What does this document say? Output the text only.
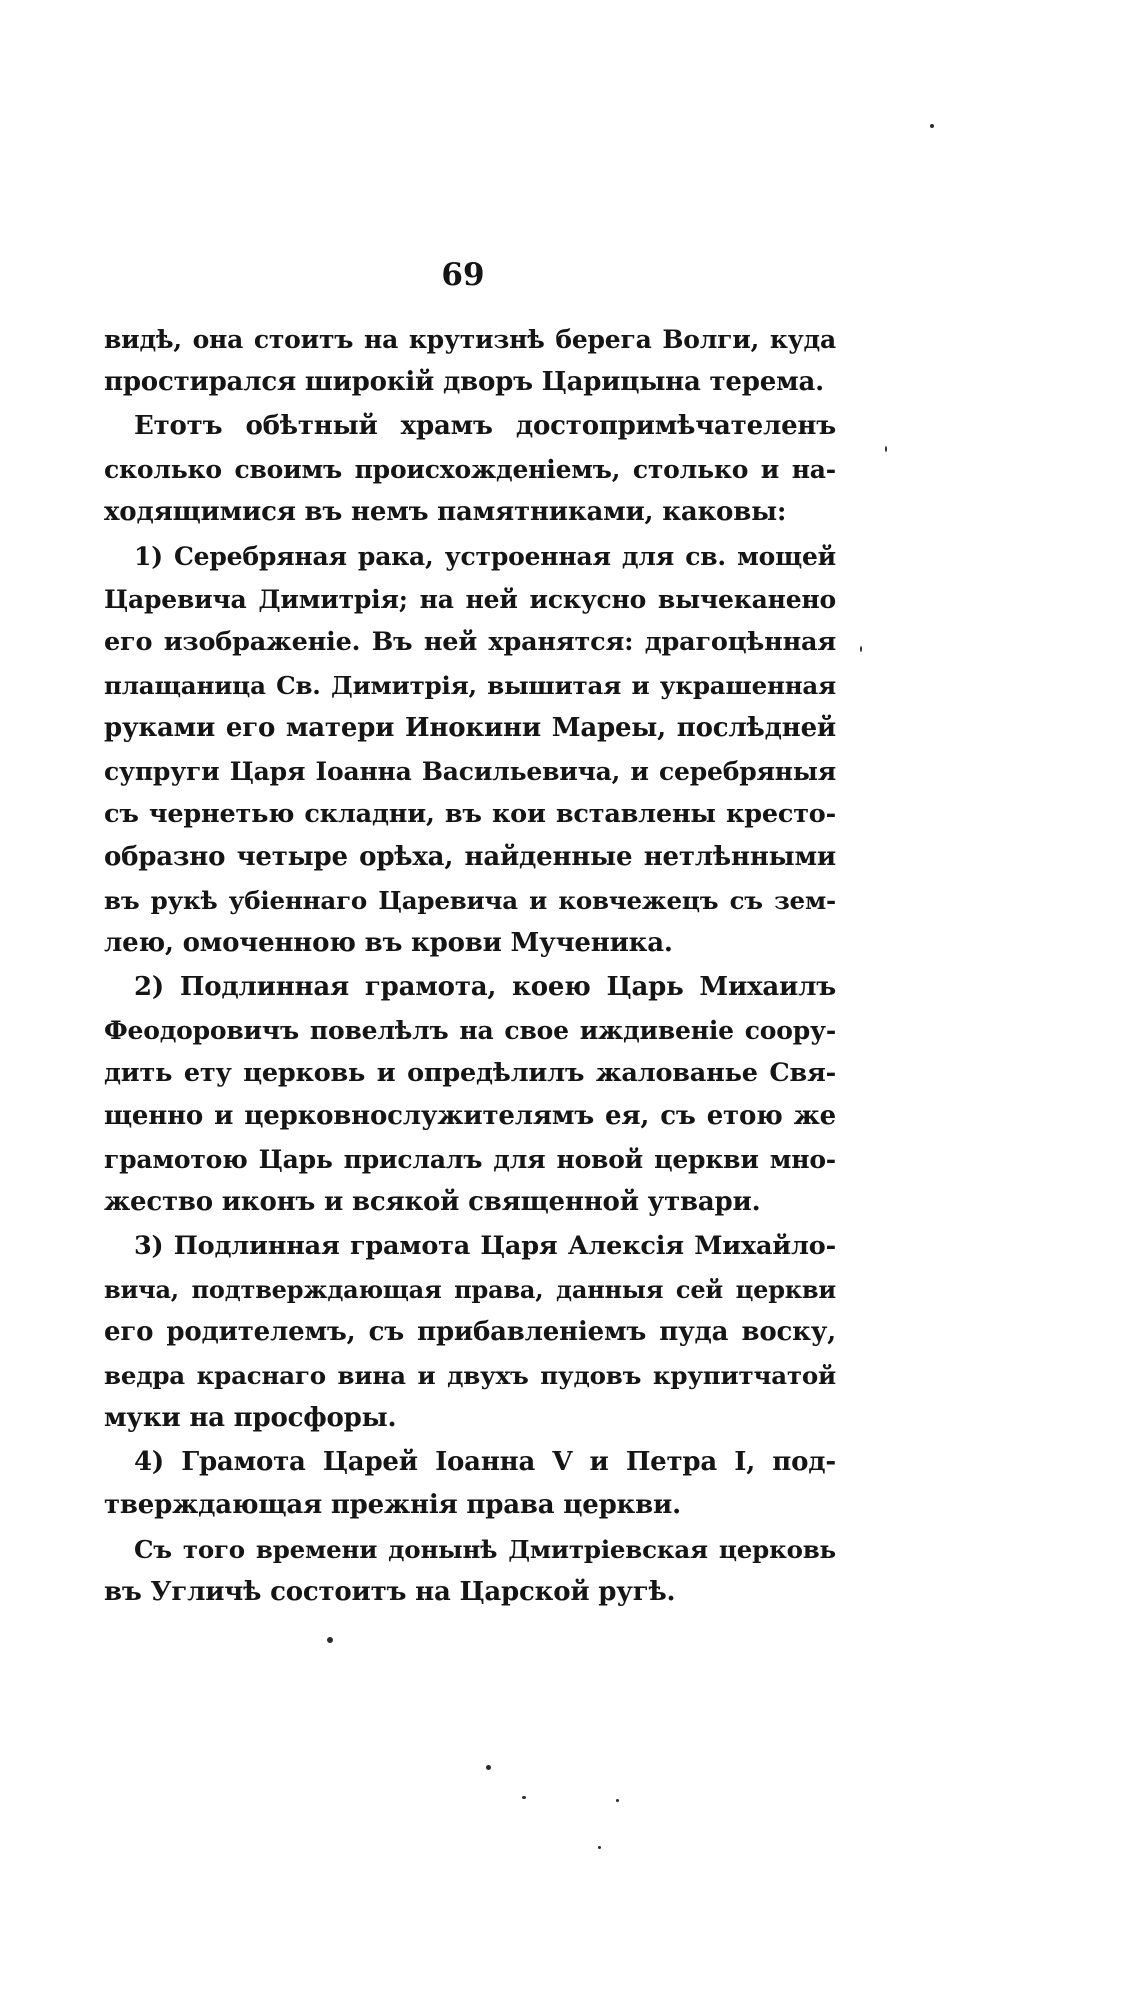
69
видѣ, она стоитъ на крутизнѣ берега Волги, куда
простирался широкій дворъ Царицына терема.
Етотъ обѣтный храмъ достопримѣчателенъ
сколько своимъ происхожденіемъ, столько и на-
ходящимися въ немъ памятниками, каковы:
1) Серебряная рака, устроенная для св. мощей
Царевича Димитрія; на ней искусно вычеканено
его изображеніе. Въ ней хранятся: драгоцѣнная
плащаница Св. Димитрія, вышитая и украшенная
руками его матери Инокини Мареы, послѣдней
супруги Царя Іоанна Васильевича, и серебряныя
съ чернетью складни, въ кои вставлены кресто-
образно четыре орѣха, найденные нетлѣнными
въ рукѣ убіеннаго Царевича и ковчежецъ съ зем-
лею, омоченною въ крови Мученика.
2) Подлинная грамота, коею Царь Михаилъ
Феодоровичъ повелѣлъ на свое иждивеніе соору-
дить ету церковь и опредѣлилъ жалованье Свя-
щенно и церковнослужителямъ ея, съ етою же
грамотою Царь прислалъ для новой церкви мно-
жество иконъ и всякой священной утвари.
3) Подлинная грамота Царя Алексія Михайло-
вича, подтверждающая права, данныя сей церкви
его родителемъ, съ прибавленіемъ пуда воску,
ведра краснаго вина и двухъ пудовъ крупитчатой
муки на просфоры.
4) Грамота Царей Іоанна V и Петра I, под-
тверждающая прежнія права церкви.
Съ того времени донынѣ Дмитріевская церковь
въ Угличѣ состоитъ на Царской ругѣ.
